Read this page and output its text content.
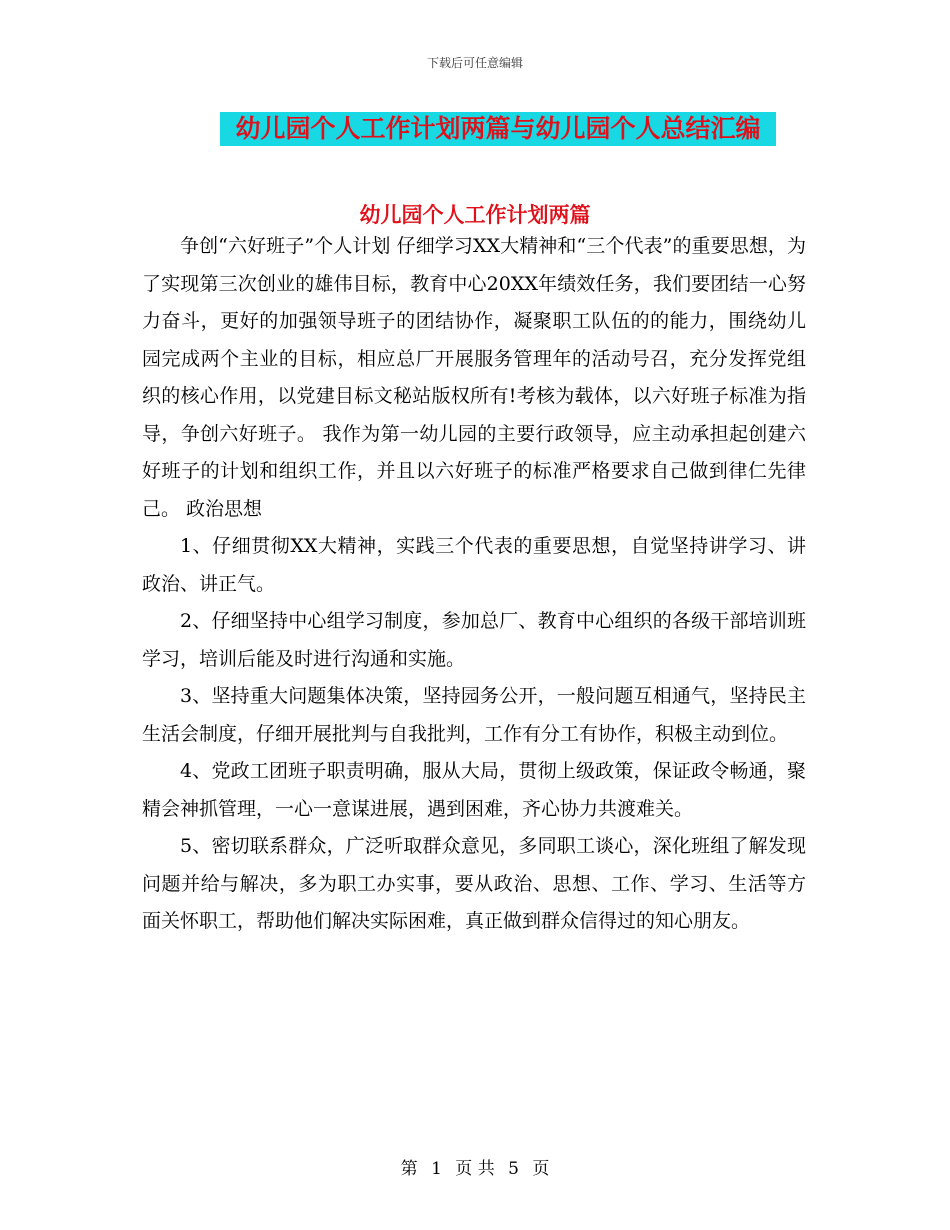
下载后可任意编辑
幼儿园个人工作计划两篇与幼儿园个人总结汇编
幼儿园个人工作计划两篇

争创“六好班子”个人计划 仔细学习XX大精神和“三个代表”的重要思想，为了实现第三次创业的雄伟目标，教育中心20XX年绩效任务，我们要团结一心努力奋斗，更好的加强领导班子的团结协作，凝聚职工队伍的的能力，围绕幼儿园完成两个主业的目标，相应总厂开展服务管理年的活动号召，充分发挥党组织的核心作用，以党建目标文秘站版权所有!考核为载体，以六好班子标准为指导，争创六好班子。 我作为第一幼儿园的主要行政领导，应主动承担起创建六好班子的计划和组织工作，并且以六好班子的标准严格要求自己做到律仁先律己。 政治思想

1、仔细贯彻XX大精神，实践三个代表的重要思想，自觉坚持讲学习、讲政治、讲正气。

2、仔细坚持中心组学习制度，参加总厂、教育中心组织的各级干部培训班学习，培训后能及时进行沟通和实施。

3、坚持重大问题集体决策，坚持园务公开，一般问题互相通气，坚持民主生活会制度，仔细开展批判与自我批判，工作有分工有协作，积极主动到位。

4、党政工团班子职责明确，服从大局，贯彻上级政策，保证政令畅通，聚精会神抓管理，一心一意谋进展，遇到困难，齐心协力共渡难关。

5、密切联系群众，广泛听取群众意见，多同职工谈心，深化班组了解发现问题并给与解决，多为职工办实事，要从政治、思想、工作、学习、生活等方面关怀职工，帮助他们解决实际困难，真正做到群众信得过的知心朋友。

第 1 页 共 5 页
